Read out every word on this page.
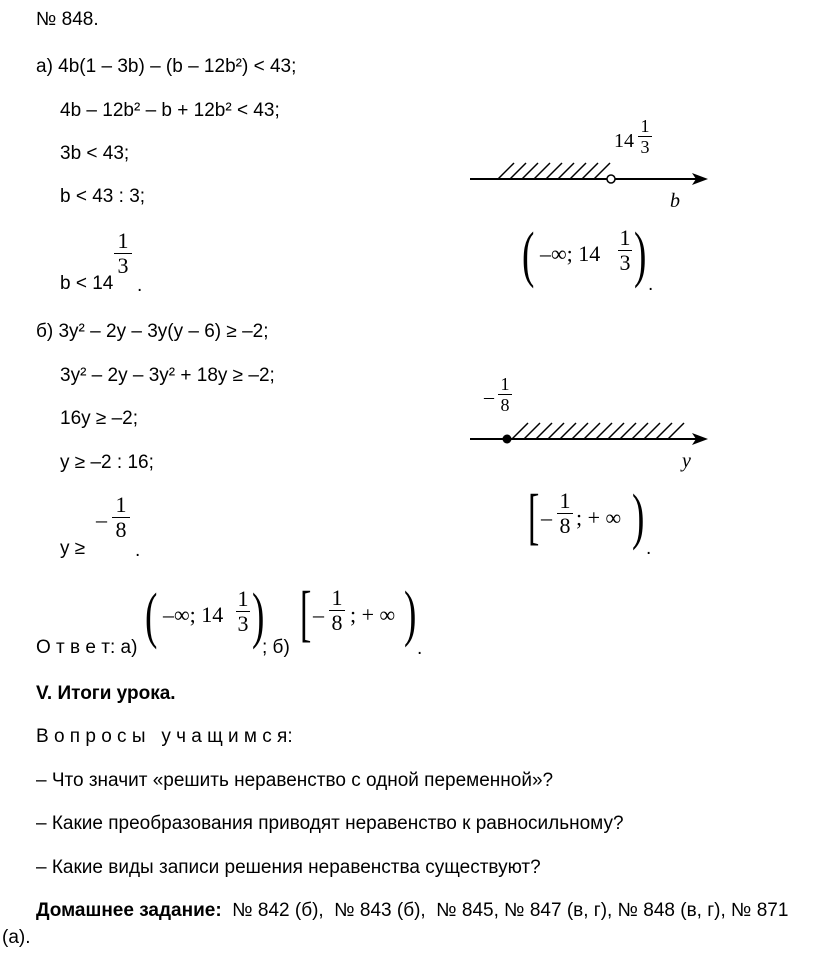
№ 848.
а) 4b(1 – 3b) – (b – 12b²) < 43;
4b – 12b² – b + 12b² < 43;
3b < 43;
b < 43 : 3;
b < 14
1
3
.
14
1
3
b
( –∞; 14
1
3 ) .
б) 3y² – 2y – 3y(y – 6) ≥ –2;
3y² – 2y – 3y² + 18y ≥ –2;
16y ≥ –2;
y ≥ –2 : 16;
y ≥
–
1
8
.
–
1
8
y
[ –
1
8 ; + ∞ ) .
О т в е т: а) ( –∞; 14
1
3 )
; б) [ –
1
8 ; + ∞ )
.
V. Итоги урока.
В о п р о с ы   у ч а щ и м с я:
– Что значит «решить неравенство с одной переменной»?
– Какие преобразования приводят неравенство к равносильному?
– Какие виды записи решения неравенства существуют?
Домашнее задание: № 842 (б),  № 843 (б),  № 845, № 847 (в, г), № 848 (в, г), № 871
(а).
